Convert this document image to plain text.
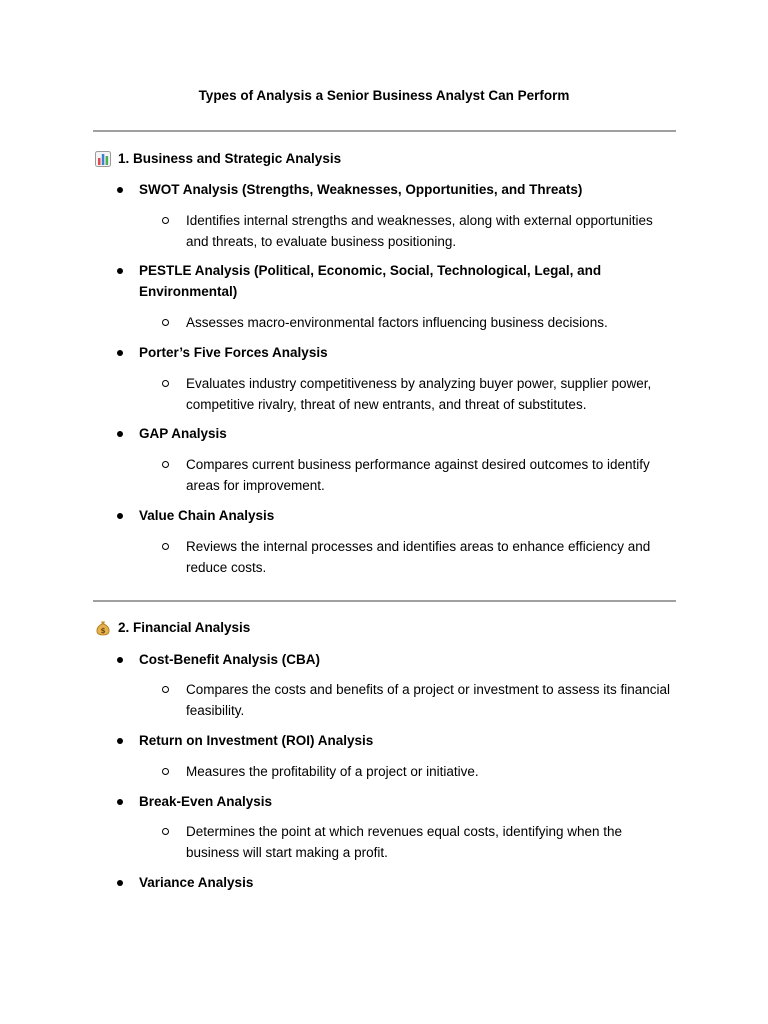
Types of Analysis a Senior Business Analyst Can Perform
1. Business and Strategic Analysis
SWOT Analysis (Strengths, Weaknesses, Opportunities, and Threats)
Identifies internal strengths and weaknesses, along with external opportunities and threats, to evaluate business positioning.
PESTLE Analysis (Political, Economic, Social, Technological, Legal, and Environmental)
Assesses macro-environmental factors influencing business decisions.
Porter’s Five Forces Analysis
Evaluates industry competitiveness by analyzing buyer power, supplier power, competitive rivalry, threat of new entrants, and threat of substitutes.
GAP Analysis
Compares current business performance against desired outcomes to identify areas for improvement.
Value Chain Analysis
Reviews the internal processes and identifies areas to enhance efficiency and reduce costs.
$ 2. Financial Analysis
Cost-Benefit Analysis (CBA)
Compares the costs and benefits of a project or investment to assess its financial feasibility.
Return on Investment (ROI) Analysis
Measures the profitability of a project or initiative.
Break-Even Analysis
Determines the point at which revenues equal costs, identifying when the business will start making a profit.
Variance Analysis
